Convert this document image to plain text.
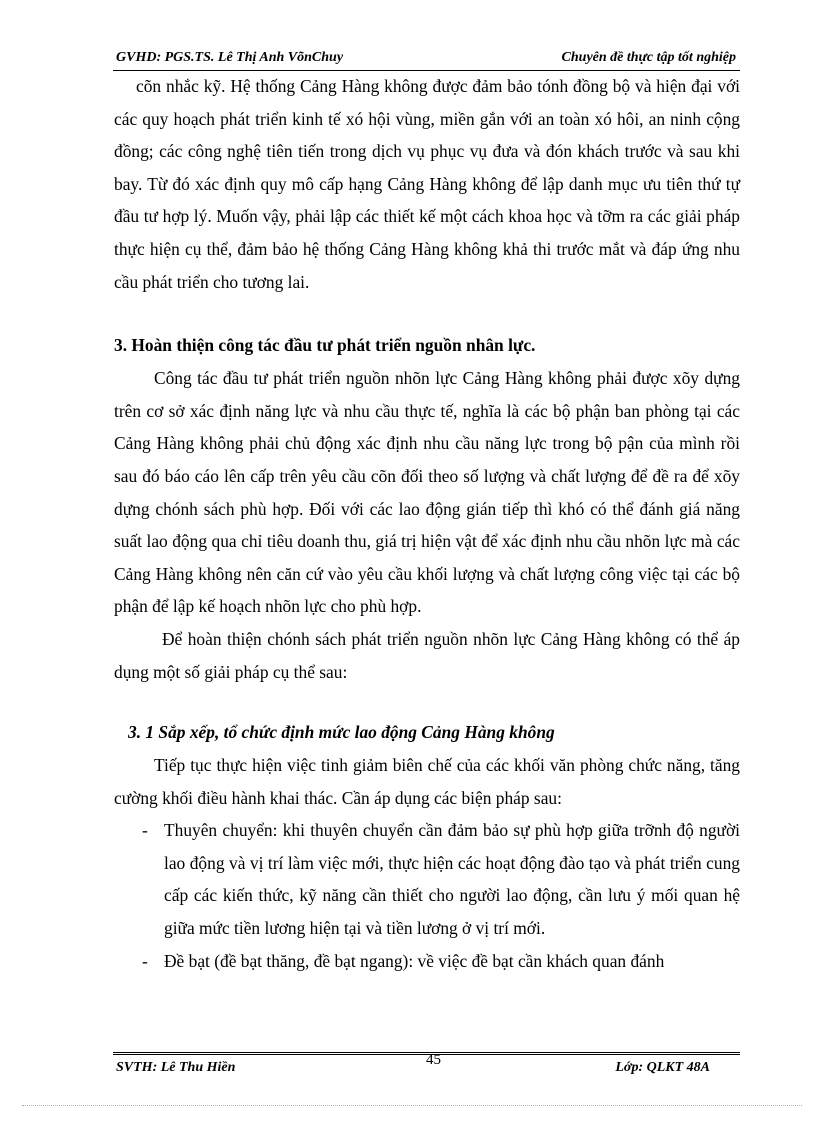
GVHD: PGS.TS. Lê Thị Anh VõnChuy	Chuyên đề thực tập tốt nghiệp

cõn nhắc kỹ. Hệ thống Cảng Hàng không được đảm bảo tónh đồng bộ và hiện đại với các quy hoạch phát triển kinh tế xó hội vùng, miền gắn với an toàn xó hôi, an ninh cộng đồng; các công nghệ tiên tiến trong dịch vụ phục vụ đưa và đón khách trước và sau khi bay. Từ đó xác định quy mô cấp hạng Cảng Hàng không để lập danh mục ưu tiên thứ tự đầu tư hợp lý. Muốn vậy, phải lập các thiết kế một cách khoa học và tỡm ra các giải pháp thực hiện cụ thể, đảm bảo hệ thống Cảng Hàng không khả thi trước mắt và đáp ứng nhu cầu phát triển cho tương lai.

3. Hoàn thiện công tác đầu tư phát triển nguồn nhân lực.

Công tác đầu tư phát triển nguồn nhõn lực Cảng Hàng không phải được xõy dựng trên cơ sở xác định năng lực và nhu cầu thực tế, nghĩa là các bộ phận ban phòng tại các Cảng Hàng không phải chủ động xác định nhu cầu năng lực trong bộ pận của mình rồi sau đó báo cáo lên cấp trên yêu cầu cõn đối theo số lượng và chất lượng để đề ra để xõy dựng chónh sách phù hợp. Đối với các lao động gián tiếp thì khó có thể đánh giá năng suất lao động qua chỉ tiêu doanh thu, giá trị hiện vật để xác định nhu cầu nhõn lực mà các Cảng Hàng không nên căn cứ vào yêu cầu khối lượng và chất lượng công việc tại các bộ phận để lập kế hoạch nhõn lực cho phù hợp.

Để hoàn thiện chónh sách phát triển nguồn nhõn lực Cảng Hàng không có thể áp dụng một số giải pháp cụ thể sau:

3. 1 Sắp xếp, tổ chức định mức lao động Cảng Hàng không

Tiếp tục thực hiện việc tinh giảm biên chế của các khối văn phòng chức năng, tăng cường khối điều hành khai thác. Cần áp dụng các biện pháp sau:

- Thuyên chuyển: khi thuyên chuyển cần đảm bảo sự phù hợp giữa trỡnh độ người lao động và vị trí làm việc mới, thực hiện các hoạt động đào tạo và phát triển cung cấp các kiến thức, kỹ năng cần thiết cho người lao động, cần lưu ý mối quan hệ giữa mức tiền lương hiện tại và tiền lương ở vị trí mới.

- Đề bạt (đề bạt thăng, đề bạt ngang): về việc đề bạt cần khách quan đánh

SVTH: Lê Thu Hiền	45	Lớp: QLKT 48A
